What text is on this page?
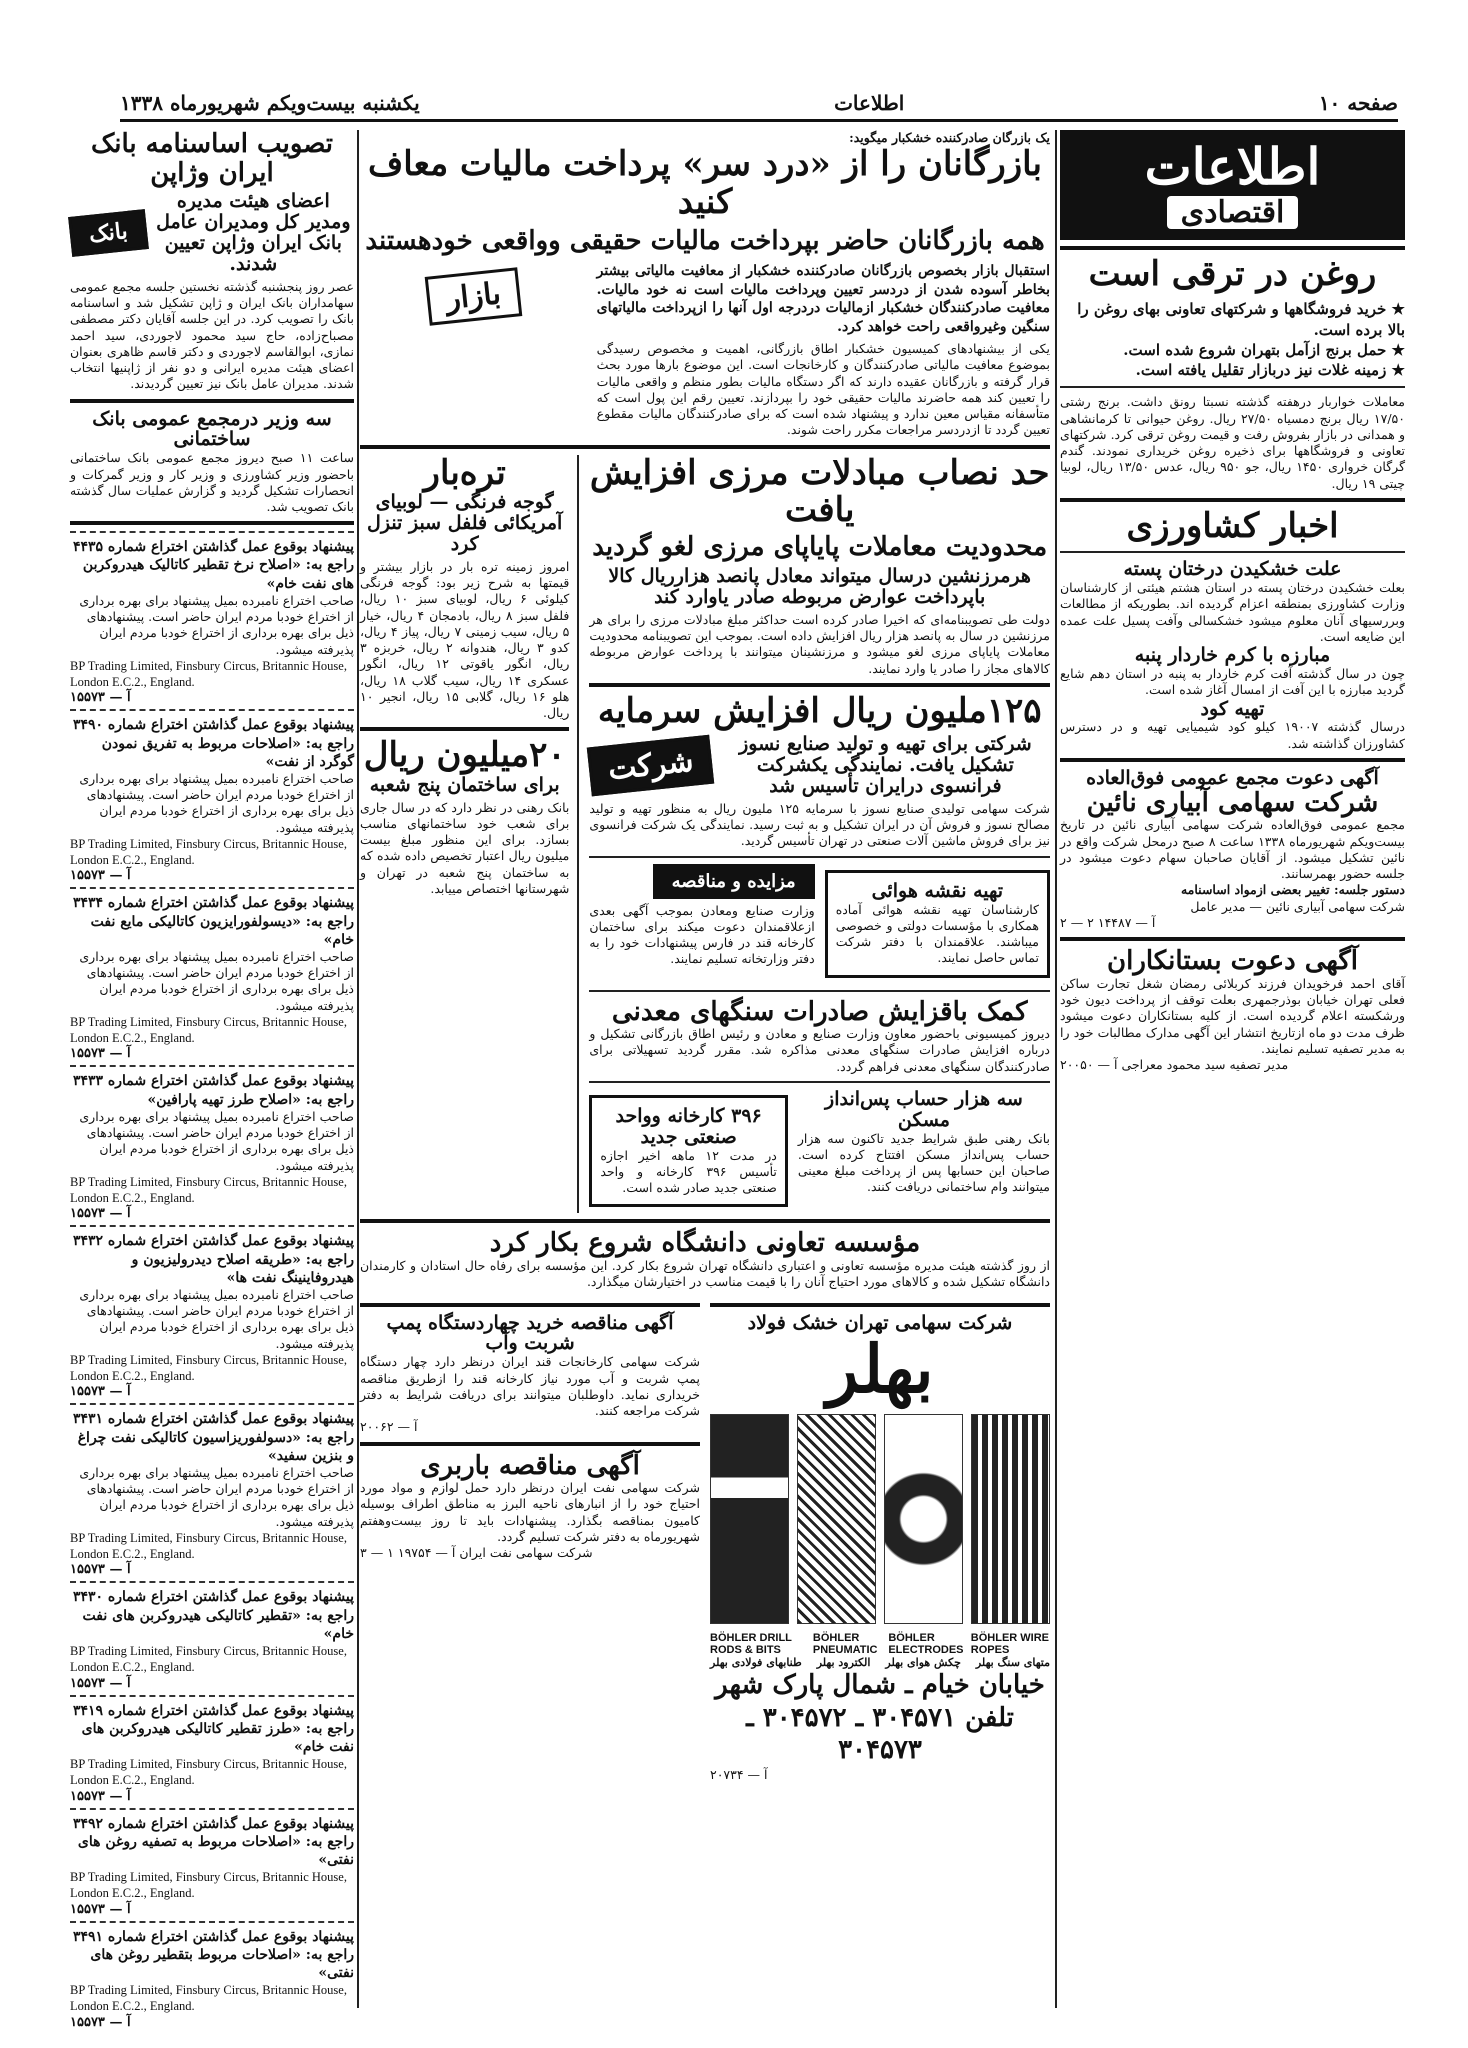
صفحه ۱۰
اطلاعات
یکشنبه بیست‌ویکم شهریورماه ۱۳۳۸
اطلاعات
اقتصادی
روغن در ترقی است
★ خرید فروشگاهها و شرکتهای تعاونی بهای روغن را بالا برده است.
★ حمل برنج ازآمل بتهران شروع شده است.
★ زمینه غلات نیز دربازار تقلیل یافته است.
معاملات خواربار درهفته گذشته نسبتا رونق داشت. برنج رشتی ۱۷/۵۰ ریال برنج دمسیاه ۲۷/۵۰ ریال. روغن حیوانی تا کرمانشاهی و همدانی در بازار بفروش رفت و قیمت روغن ترقی کرد. شرکتهای تعاونی و فروشگاهها برای ذخیره روغن خریداری نمودند. گندم گرگان خرواری ۱۴۵۰ ریال، جو ۹۵۰ ریال، عدس ۱۳/۵۰ ریال، لوبیا چیتی ۱۹ ریال.
اخبار کشاورزی
علت خشکیدن درختان پسته
بعلت خشکیدن درختان پسته در استان هشتم هیئتی از کارشناسان وزارت کشاورزی بمنطقه اعزام گردیده اند. بطوریکه از مطالعات وبررسیهای آنان معلوم میشود خشکسالی وآفت پسیل علت عمده این ضایعه است.
مبارزه با کرم خاردار پنبه
چون در سال گذشته آفت کرم خاردار به پنبه در استان دهم شایع گردید مبارزه با این آفت از امسال آغاز شده است.
تهیه کود
درسال گذشته ۱۹۰۰۷ کیلو کود شیمیایی تهیه و در دسترس کشاورزان گذاشته شد.
آگهی دعوت مجمع عمومی فوق‌العاده
شرکت سهامی آبیاری نائین
مجمع عمومی فوق‌العاده شرکت سهامی آبیاری نائین در تاریخ بیست‌ویکم شهریورماه ۱۳۳۸ ساعت ۸ صبح درمحل شرکت واقع در نائین تشکیل میشود. از آقایان صاحبان سهام دعوت میشود در جلسه حضور بهمرسانند.
دستور جلسه: تغییر بعضی ازمواد اساسنامه
شرکت سهامی آبیاری نائین — مدیر عامل
آ — ۱۴۴۸۷ ۲ — ۲
آگهی دعوت بستانکاران
آقای احمد فرخویدان فرزند کربلائی رمضان شغل تجارت ساکن فعلی تهران خیابان بوذرجمهری بعلت توقف از پرداخت دیون خود ورشکسته اعلام گردیده است. از کلیه بستانکاران دعوت میشود ظرف مدت دو ماه ازتاریخ انتشار این آگهی مدارک مطالبات خود را به مدیر تصفیه تسلیم نمایند.
مدیر تصفیه سید محمود معراجی آ — ۲۰۰۵۰
یک بازرگان صادرکننده خشکبار میگوید:
بازرگانان را از «درد سر» پرداخت مالیات معاف کنید
همه بازرگانان حاضر بپرداخت مالیات حقیقی وواقعی خودهستند
استقبال بازار بخصوص بازرگانان صادرکننده خشکبار از معافیت مالیاتی بیشتر بخاطر آسوده شدن از دردسر تعیین وپرداخت مالیات است نه خود مالیات. معافیت صادرکنندگان خشکبار ازمالیات دردرجه اول آنها را ازپرداخت مالیاتهای سنگین وغیرواقعی راحت خواهد کرد.
یکی از بیشنهادهای کمیسیون خشکبار اطاق بازرگانی، اهمیت و مخصوص رسیدگی بموضوع معافیت مالیاتی صادرکنندگان و کارخانجات است. این موضوع بارها مورد بحث قرار گرفته و بازرگانان عقیده دارند که اگر دستگاه مالیات بطور منظم و واقعی مالیات را تعیین کند همه حاضرند مالیات حقیقی خود را بپردازند. تعیین رقم این پول است که متأسفانه مقیاس معین ندارد و پیشنهاد شده است که برای صادرکنندگان مالیات مقطوع تعیین گردد تا ازدردسر مراجعات مکرر راحت شوند.
بازار
حد نصاب مبادلات مرزی افزایش یافت
محدودیت معاملات پایاپای مرزی لغو گردید
هرمرزنشین درسال میتواند معادل پانصد هزارریال کالا باپرداخت عوارض مربوطه صادر یاوارد کند
دولت طی تصویبنامه‌ای که اخیرا صادر کرده است حداکثر مبلغ مبادلات مرزی را برای هر مرزنشین در سال به پانصد هزار ریال افزایش داده است. بموجب این تصویبنامه محدودیت معاملات پایاپای مرزی لغو میشود و مرزنشینان میتوانند با پرداخت عوارض مربوطه کالاهای مجاز را صادر یا وارد نمایند.
۱۲۵ملیون ریال افزایش سرمایه
شرکتی برای تهیه و تولید صنایع نسوز تشکیل یافت. نمایندگی یکشرکت فرانسوی درایران تأسیس شد
شرکت
شرکت سهامی تولیدی صنایع نسوز با سرمایه ۱۲۵ ملیون ریال به منظور تهیه و تولید مصالح نسوز و فروش آن در ایران تشکیل و به ثبت رسید. نمایندگی یک شرکت فرانسوی نیز برای فروش ماشین آلات صنعتی در تهران تأسیس گردید.
تهیه نقشه هوائی
کارشناسان تهیه نقشه هوائی آماده همکاری با مؤسسات دولتی و خصوصی میباشند. علاقمندان با دفتر شرکت تماس حاصل نمایند.
مزایده و مناقصه
وزارت صنایع ومعادن بموجب آگهی بعدی ازعلاقمندان دعوت میکند برای ساختمان کارخانه قند در فارس پیشنهادات خود را به دفتر وزارتخانه تسلیم نمایند.
کمک باقزایش صادرات سنگهای معدنی
دیروز کمیسیونی باحضور معاون وزارت صنایع و معادن و رئیس اطاق بازرگانی تشکیل و درباره افزایش صادرات سنگهای معدنی مذاکره شد. مقرر گردید تسهیلاتی برای صادرکنندگان سنگهای معدنی فراهم گردد.
سه هزار حساب پس‌انداز مسکن
بانک رهنی طبق شرایط جدید تاکنون سه هزار حساب پس‌انداز مسکن افتتاح کرده است. صاحبان این حسابها پس از پرداخت مبلغ معینی میتوانند وام ساختمانی دریافت کنند.
۳۹۶ کارخانه وواحد صنعتی جدید
در مدت ۱۲ ماهه اخیر اجازه تأسیس ۳۹۶ کارخانه و واحد صنعتی جدید صادر شده است.
تره‌بار
گوجه فرنگی — لوبیای آمریکائی فلفل سبز تنزل کرد
امروز زمینه تره بار در بازار بیشتر و قیمتها به شرح زیر بود: گوجه فرنگی کیلوئی ۶ ریال، لوبیای سبز ۱۰ ریال، فلفل سبز ۸ ریال، بادمجان ۴ ریال، خیار ۵ ریال، سیب زمینی ۷ ریال، پیاز ۴ ریال، کدو ۳ ریال، هندوانه ۲ ریال، خربزه ۳ ریال، انگور یاقوتی ۱۲ ریال، انگور عسکری ۱۴ ریال، سیب گلاب ۱۸ ریال، هلو ۱۶ ریال، گلابی ۱۵ ریال، انجیر ۱۰ ریال.
۲۰میلیون ریال
برای ساختمان پنج شعبه
بانک رهنی در نظر دارد که در سال جاری برای شعب خود ساختمانهای مناسب بسازد. برای این منظور مبلغ بیست میلیون ریال اعتبار تخصیص داده شده که به ساختمان پنج شعبه در تهران و شهرستانها اختصاص مییابد.
مؤسسه تعاونی دانشگاه شروع بکار کرد
از روز گذشته هیئت مدیره مؤسسه تعاونی و اعتباری دانشگاه تهران شروع بکار کرد. این مؤسسه برای رفاه حال استادان و کارمندان دانشگاه تشکیل شده و کالاهای مورد احتیاج آنان را با قیمت مناسب در اختیارشان میگذارد.
شرکت سهامی تهران خشک فولاد
بهلر
BÖHLER DRILL RODS & BITS
BÖHLER PNEUMATIC
BÖHLER ELECTRODES
BÖHLER WIRE ROPES
متهای سنگ بهلر
چکش هوای بهلر
الکترود بهلر
طنابهای فولادی بهلر
خیابان خیام ـ شمال پارک شهر
تلفن ۳۰۴۵۷۱ ـ ۳۰۴۵۷۲ ـ ۳۰۴۵۷۳
آ — ۲۰۷۳۴
آگهی مناقصه خرید چهاردستگاه پمپ شربت وآب
شرکت سهامی کارخانجات قند ایران درنظر دارد چهار دستگاه پمپ شربت و آب مورد نیاز کارخانه قند را ازطریق مناقصه خریداری نماید. داوطلبان میتوانند برای دریافت شرایط به دفتر شرکت مراجعه کنند.
آ — ۲۰۰۶۲
آگهی مناقصه باربری
شرکت سهامی نفت ایران درنظر دارد حمل لوازم و مواد مورد احتیاج خود را از انبارهای ناحیه البرز به مناطق اطراف بوسیله کامیون بمناقصه بگذارد. پیشنهادات باید تا روز بیست‌وهفتم شهریورماه به دفتر شرکت تسلیم گردد.
شرکت سهامی نفت ایران آ — ۱۹۷۵۴ ۱ — ۳
تصویب اساسنامه بانک ایران وژاپن
اعضای هیئت مدیره ومدیر کل ومدیران عامل بانک ایران وژاپن تعیین شدند.
بانک
عصر روز پنجشنبه گذشته نخستین جلسه مجمع عمومی سهامداران بانک ایران و ژاپن تشکیل شد و اساسنامه بانک را تصویب کرد. در این جلسه آقایان دکتر مصطفی مصباح‌زاده، حاج سید محمود لاجوردی، سید احمد نمازی، ابوالقاسم لاجوردی و دکتر قاسم ظاهری بعنوان اعضای هیئت مدیره ایرانی و دو نفر از ژاپنیها انتخاب شدند. مدیران عامل بانک نیز تعیین گردیدند.
سه وزیر درمجمع عمومی بانک ساختمانی
ساعت ۱۱ صبح دیروز مجمع عمومی بانک ساختمانی باحضور وزیر کشاورزی و وزیر کار و وزیر گمرکات و انحصارات تشکیل گردید و گزارش عملیات سال گذشته بانک تصویب شد.
پیشنهاد بوقوع عمل گذاشتن اختراع شماره ۴۴۳۵ راجع به: «اصلاح نرخ تقطیر کاتالیک هیدروکربن های نفت خام»
صاحب اختراع نامبرده بمیل پیشنهاد برای بهره برداری از اختراع خودبا مردم ایران حاضر است. پیشنهادهای ذیل برای بهره برداری از اختراع خودبا مردم ایران پذیرفته میشود.
BP Trading Limited, Finsbury Circus, Britannic House, London E.C.2., England.
آ — ۱۵۵۷۳
پیشنهاد بوقوع عمل گذاشتن اختراع شماره ۳۴۹۰ راجع به: «اصلاحات مربوط به تفریق نمودن گوگرد از نفت»
صاحب اختراع نامبرده بمیل پیشنهاد برای بهره برداری از اختراع خودبا مردم ایران حاضر است. پیشنهادهای ذیل برای بهره برداری از اختراع خودبا مردم ایران پذیرفته میشود.
BP Trading Limited, Finsbury Circus, Britannic House, London E.C.2., England.
آ — ۱۵۵۷۳
پیشنهاد بوقوع عمل گذاشتن اختراع شماره ۳۴۳۴ راجع به: «دیسولفورایزیون کاتالیکی مایع نفت خام»
صاحب اختراع نامبرده بمیل پیشنهاد برای بهره برداری از اختراع خودبا مردم ایران حاضر است. پیشنهادهای ذیل برای بهره برداری از اختراع خودبا مردم ایران پذیرفته میشود.
BP Trading Limited, Finsbury Circus, Britannic House, London E.C.2., England.
آ — ۱۵۵۷۳
پیشنهاد بوقوع عمل گذاشتن اختراع شماره ۳۴۳۳ راجع به: «اصلاح طرز تهیه پارافین»
صاحب اختراع نامبرده بمیل پیشنهاد برای بهره برداری از اختراع خودبا مردم ایران حاضر است. پیشنهادهای ذیل برای بهره برداری از اختراع خودبا مردم ایران پذیرفته میشود.
BP Trading Limited, Finsbury Circus, Britannic House, London E.C.2., England.
آ — ۱۵۵۷۳
پیشنهاد بوقوع عمل گذاشتن اختراع شماره ۳۴۳۲ راجع به: «طریقه اصلاح دیدرولیزیون و هیدروفاینینگ نفت ها»
صاحب اختراع نامبرده بمیل پیشنهاد برای بهره برداری از اختراع خودبا مردم ایران حاضر است. پیشنهادهای ذیل برای بهره برداری از اختراع خودبا مردم ایران پذیرفته میشود.
BP Trading Limited, Finsbury Circus, Britannic House, London E.C.2., England.
آ — ۱۵۵۷۳
پیشنهاد بوقوع عمل گذاشتن اختراع شماره ۳۴۳۱ راجع به: «دسولفوریزاسیون کاتالیکی نفت چراغ و بنزین سفید»
صاحب اختراع نامبرده بمیل پیشنهاد برای بهره برداری از اختراع خودبا مردم ایران حاضر است. پیشنهادهای ذیل برای بهره برداری از اختراع خودبا مردم ایران پذیرفته میشود.
BP Trading Limited, Finsbury Circus, Britannic House, London E.C.2., England.
آ — ۱۵۵۷۳
پیشنهاد بوقوع عمل گذاشتن اختراع شماره ۳۴۳۰ راجع به: «تقطیر کاتالیکی هیدروکربن های نفت خام»
BP Trading Limited, Finsbury Circus, Britannic House, London E.C.2., England.
آ — ۱۵۵۷۳
پیشنهاد بوقوع عمل گذاشتن اختراع شماره ۳۴۱۹ راجع به: «طرز تقطیر کاتالیکی هیدروکربن های نفت خام»
BP Trading Limited, Finsbury Circus, Britannic House, London E.C.2., England.
آ — ۱۵۵۷۳
پیشنهاد بوقوع عمل گذاشتن اختراع شماره ۳۴۹۲ راجع به: «اصلاحات مربوط به تصفیه روغن های نفتی»
BP Trading Limited, Finsbury Circus, Britannic House, London E.C.2., England.
آ — ۱۵۵۷۳
پیشنهاد بوقوع عمل گذاشتن اختراع شماره ۳۴۹۱ راجع به: «اصلاحات مربوط بتقطیر روغن های نفتی»
BP Trading Limited, Finsbury Circus, Britannic House, London E.C.2., England.
آ — ۱۵۵۷۳
